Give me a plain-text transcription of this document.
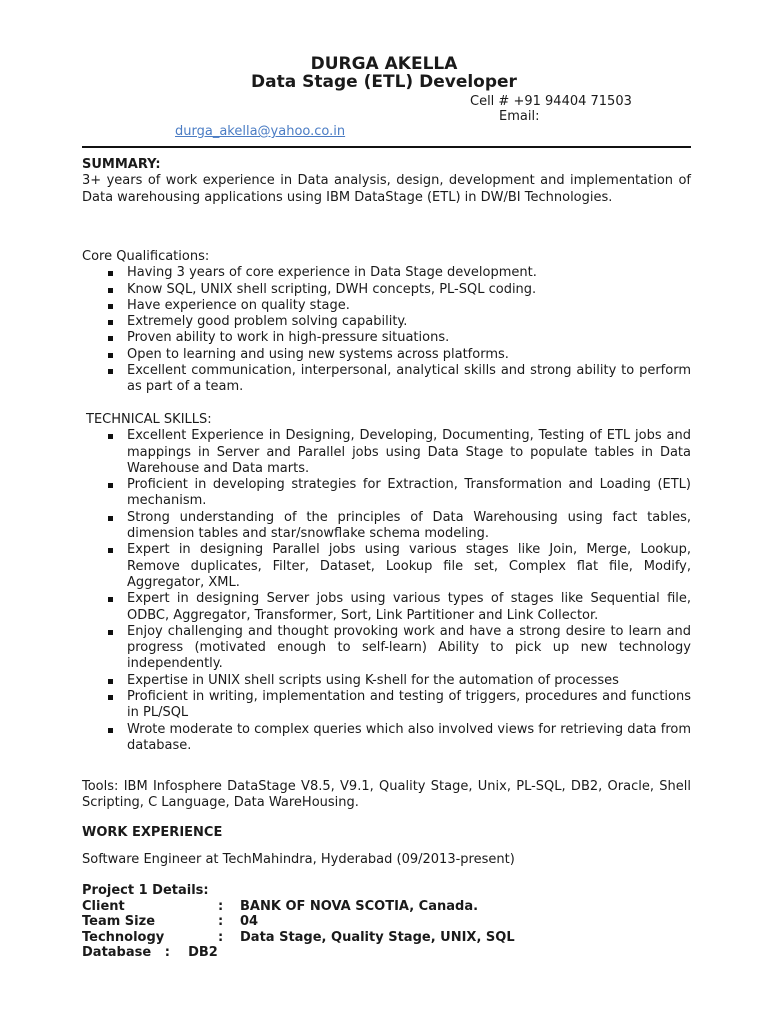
DURGA AKELLA
Data Stage (ETL) Developer
Cell # +91 94404 71503
Email:
durga_akella@yahoo.co.in
SUMMARY:
3+ years of work experience in Data analysis, design, development and implementation of Data warehousing applications using IBM DataStage (ETL) in DW/BI Technologies.
Core Qualifications:
Having 3 years of core experience in Data Stage development.
Know SQL, UNIX shell scripting, DWH concepts, PL-SQL coding.
Have experience on quality stage.
Extremely good problem solving capability.
Proven ability to work in high-pressure situations.
Open to learning and using new systems across platforms.
Excellent communication, interpersonal, analytical skills and strong ability to perform as part of a team.
TECHNICAL SKILLS:
Excellent Experience in Designing, Developing, Documenting, Testing of ETL jobs and mappings in Server and Parallel jobs using Data Stage to populate tables in Data Warehouse and Data marts.
Proficient in developing strategies for Extraction, Transformation and Loading (ETL) mechanism.
Strong understanding of the principles of Data Warehousing using fact tables, dimension tables and star/snowflake schema modeling.
Expert in designing Parallel jobs using various stages like Join, Merge, Lookup, Remove duplicates, Filter, Dataset, Lookup file set, Complex flat file, Modify, Aggregator, XML.
Expert in designing Server jobs using various types of stages like Sequential file, ODBC, Aggregator, Transformer, Sort, Link Partitioner and Link Collector.
Enjoy challenging and thought provoking work and have a strong desire to learn and progress (motivated enough to self-learn) Ability to pick up new technology independently.
Expertise in UNIX shell scripts using K-shell for the automation of processes
Proficient in writing, implementation and testing of triggers, procedures and functions in PL/SQL
Wrote moderate to complex queries which also involved views for retrieving data from database.
Tools: IBM Infosphere DataStage V8.5, V9.1, Quality Stage, Unix, PL-SQL, DB2, Oracle, Shell Scripting, C Language, Data WareHousing.
WORK EXPERIENCE
Software Engineer at TechMahindra, Hyderabad (09/2013-present)
Project 1 Details:
Client	:	BANK OF NOVA SCOTIA, Canada.
Team Size	:	04
Technology	:	Data Stage, Quality Stage, UNIX, SQL
Database   :    DB2
